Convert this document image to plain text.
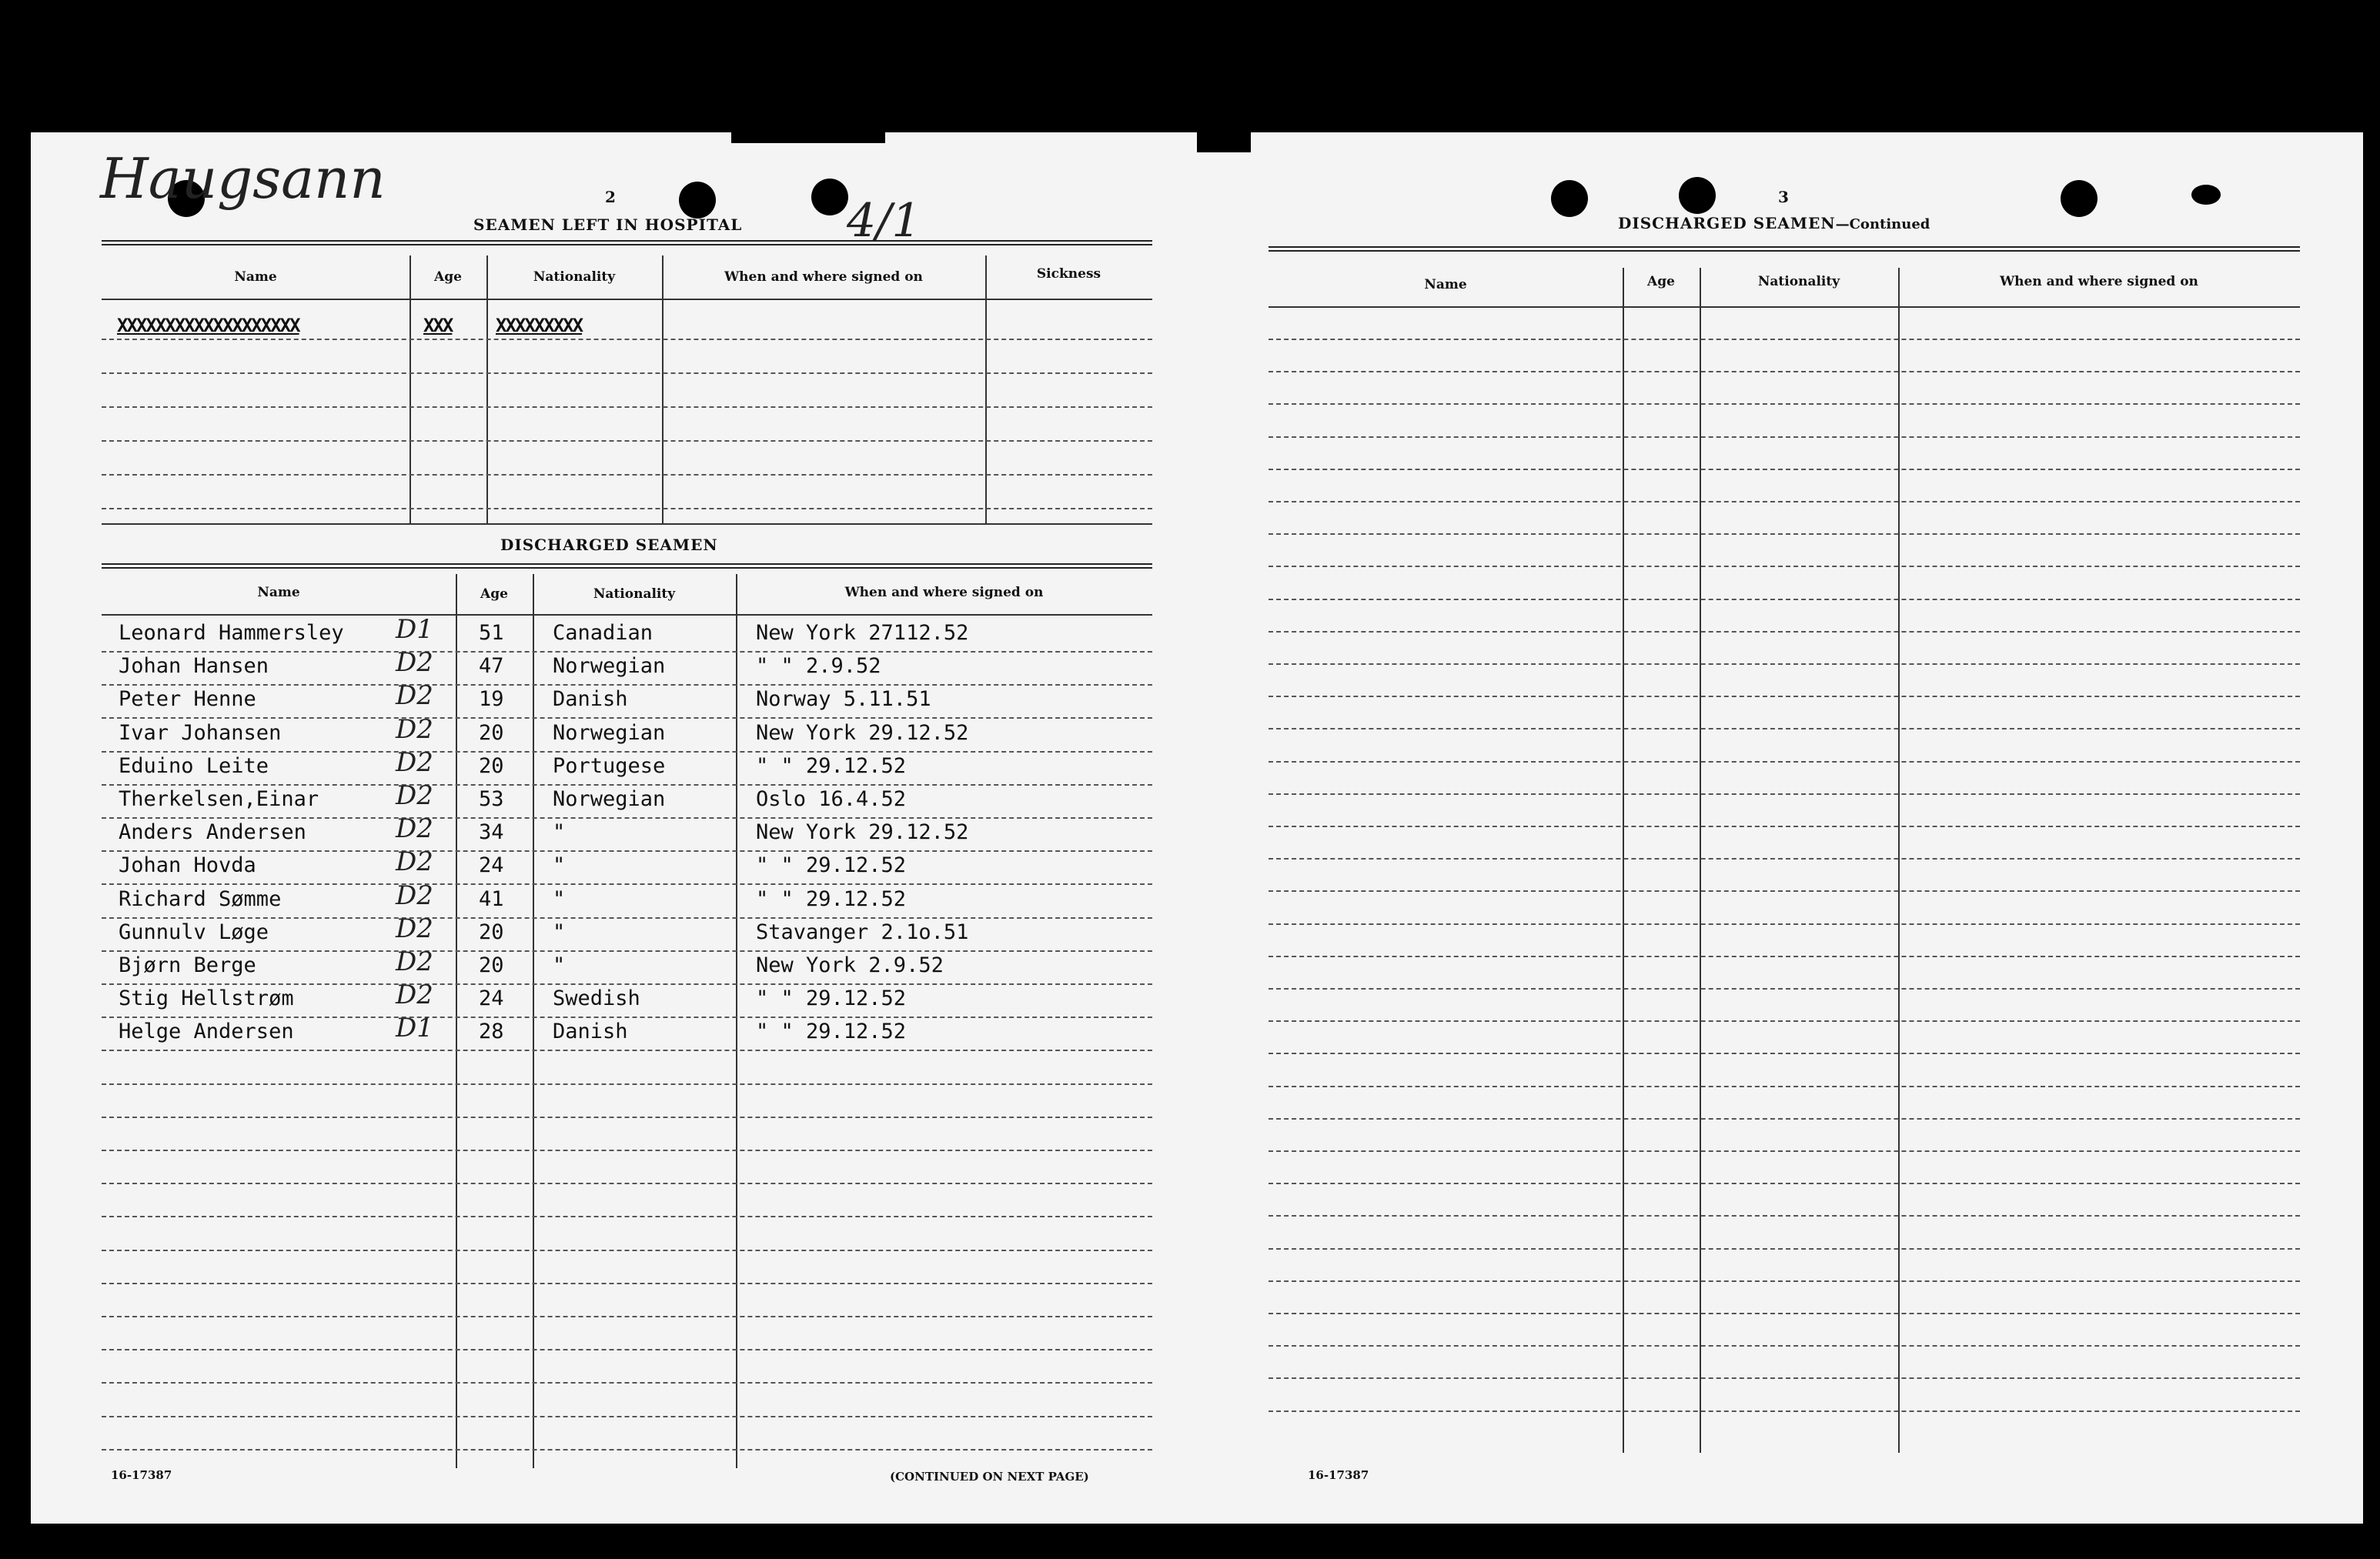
Haugsann
4/1
2
SEAMEN LEFT IN HOSPITAL
Name	Age	Nationality	When and where signed on	Sickness
XXXXXXXXXXXXXXXXXXX	XXX XXXXXXXXX
DISCHARGED SEAMEN
Name	Age	Nationality	When and where signed on
Leonard Hammersley D1 51 Canadian	New York 27112.52
Johan Hansen	D2 47 Norwegian	" " 2.9.52
Peter Henne	D2 19 Danish	Norway 5.11.51
Ivar Johansen	D2 20 Norwegian	New York 29.12.52
Eduino Leite	D2 20 Portugese	" " 29.12.52
Therkelsen,Einar	D2 53 Norwegian	Oslo 16.4.52
Anders Andersen	D2 34 "	New York 29.12.52
Johan Hovda	D2 24 "	" " 29.12.52
Richard Sømme	D2 41 "	" " 29.12.52
Gunnulv Løge	D2 20 "	Stavanger 2.1o.51
Bjørn Berge	D2 20 "	New York 2.9.52
Stig Hellstrøm	D2 24 Swedish	" " 29.12.52
Helge Andersen	D1 28 Danish	" " 29.12.52
16-17387	(CONTINUED ON NEXT PAGE)
3
DISCHARGED SEAMEN—Continued
Name	Age	Nationality	When and where signed on
16-17387
